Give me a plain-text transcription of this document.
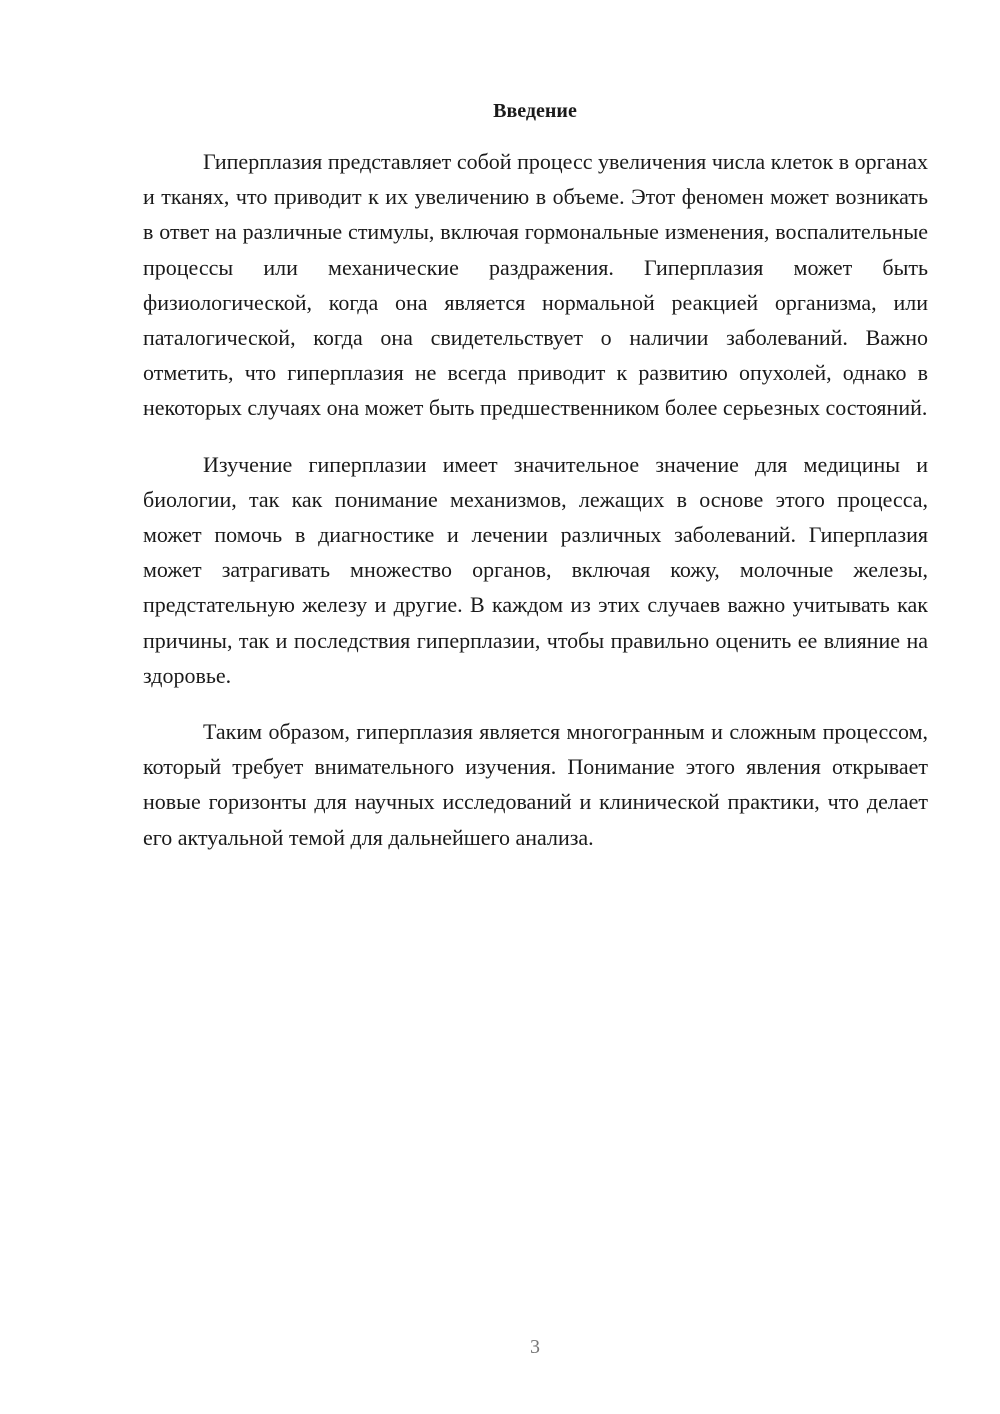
Введение

Гиперплазия представляет собой процесс увеличения числа клеток в органах и тканях, что приводит к их увеличению в объеме. Этот феномен может возникать в ответ на различные стимулы, включая гормональные изменения, воспалительные процессы или механические раздражения. Гиперплазия может быть физиологической, когда она является нормальной реакцией организма, или паталогической, когда она свидетельствует о наличии заболеваний. Важно отметить, что гиперплазия не всегда приводит к развитию опухолей, однако в некоторых случаях она может быть предшественником более серьезных состояний.

Изучение гиперплазии имеет значительное значение для медицины и биологии, так как понимание механизмов, лежащих в основе этого процесса, может помочь в диагностике и лечении различных заболеваний. Гиперплазия может затрагивать множество органов, включая кожу, молочные железы, предстательную железу и другие. В каждом из этих случаев важно учитывать как причины, так и последствия гиперплазии, чтобы правильно оценить ее влияние на здоровье.

Таким образом, гиперплазия является многогранным и сложным процессом, который требует внимательного изучения. Понимание этого явления открывает новые горизонты для научных исследований и клинической практики, что делает его актуальной темой для дальнейшего анализа.

3
